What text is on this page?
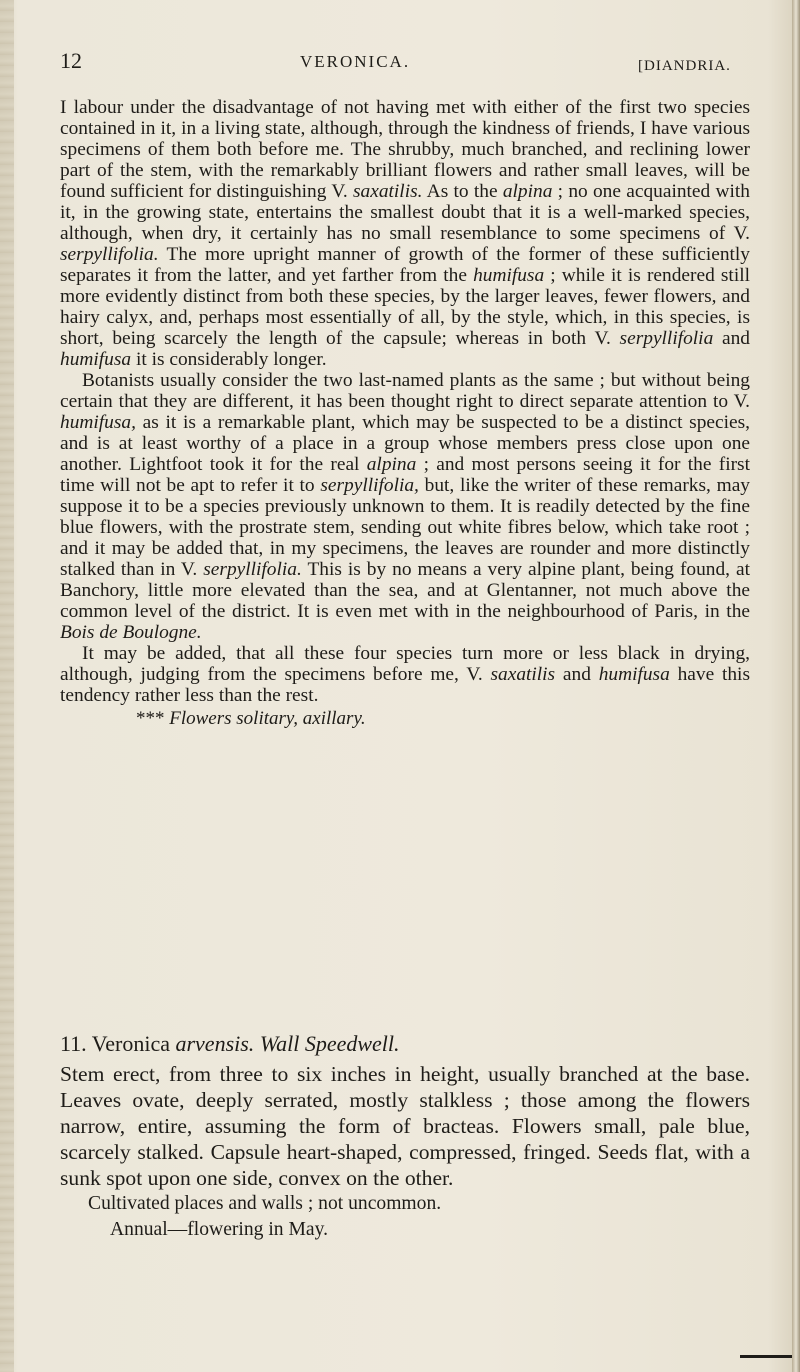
12	VERONICA.	[DIANDRIA.

I labour under the disadvantage of not having met with either of the first two species contained in it, in a living state, although, through the kindness of friends, I have various specimens of them both before me. The shrubby, much branched, and reclining lower part of the stem, with the remarkably brilliant flowers and rather small leaves, will be found sufficient for distinguishing V. saxatilis. As to the alpina ; no one acquainted with it, in the growing state, entertains the smallest doubt that it is a well-marked species, although, when dry, it certainly has no small resemblance to some specimens of V. serpyllifolia. The more upright manner of growth of the former of these sufficiently separates it from the latter, and yet farther from the humifusa ; while it is rendered still more evidently distinct from both these species, by the larger leaves, fewer flowers, and hairy calyx, and, perhaps most essentially of all, by the style, which, in this species, is short, being scarcely the length of the capsule; whereas in both V. serpyllifolia and humifusa it is considerably longer.

Botanists usually consider the two last-named plants as the same ; but without being certain that they are different, it has been thought right to direct separate attention to V. humifusa, as it is a remarkable plant, which may be suspected to be a distinct species, and is at least worthy of a place in a group whose members press close upon one another. Lightfoot took it for the real alpina ; and most persons seeing it for the first time will not be apt to refer it to serpyllifolia, but, like the writer of these remarks, may suppose it to be a species previously unknown to them. It is readily detected by the fine blue flowers, with the prostrate stem, sending out white fibres below, which take root ; and it may be added that, in my specimens, the leaves are rounder and more distinctly stalked than in V. serpyllifolia. This is by no means a very alpine plant, being found, at Banchory, little more elevated than the sea, and at Glentanner, not much above the common level of the district. It is even met with in the neighbourhood of Paris, in the Bois de Boulogne.

It may be added, that all these four species turn more or less black in drying, although, judging from the specimens before me, V. saxatilis and humifusa have this tendency rather less than the rest.

*** Flowers solitary, axillary.

11. Veronica arvensis. Wall Speedwell.

Stem erect, from three to six inches in height, usually branched at the base. Leaves ovate, deeply serrated, mostly stalkless ; those among the flowers narrow, entire, assuming the form of bracteas. Flowers small, pale blue, scarcely stalked. Capsule heart-shaped, compressed, fringed. Seeds flat, with a sunk spot upon one side, convex on the other.

Cultivated places and walls ; not uncommon.

Annual—flowering in May.
